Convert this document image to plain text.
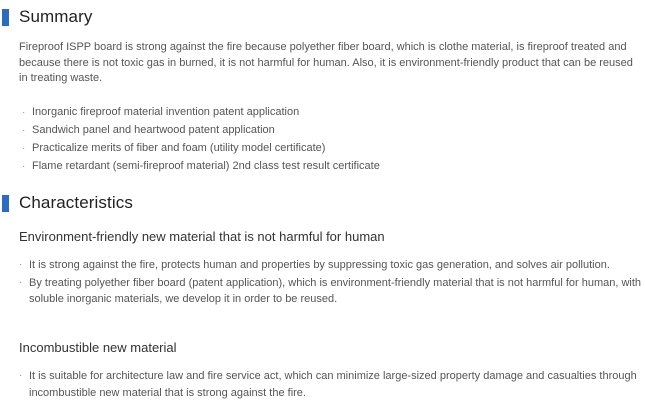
Summary
Fireproof ISPP board is strong against the fire because polyether fiber board, which is clothe material, is fireproof treated and because there is not toxic gas in burned, it is not harmful for human. Also, it is environment-friendly product that can be reused in treating waste.
· Inorganic fireproof material invention patent application
· Sandwich panel and heartwood patent application
· Practicalize merits of fiber and foam (utility model certificate)
· Flame retardant (semi-fireproof material) 2nd class test result certificate
Characteristics
Environment-friendly new material that is not harmful for human
· It is strong against the fire, protects human and properties by suppressing toxic gas generation, and solves air pollution.
· By treating polyether fiber board (patent application), which is environment-friendly material that is not harmful for human, with soluble inorganic materials, we develop it in order to be reused.
Incombustible new material
· It is suitable for architecture law and fire service act, which can minimize large-sized property damage and casualties through incombustible new material that is strong against the fire.
